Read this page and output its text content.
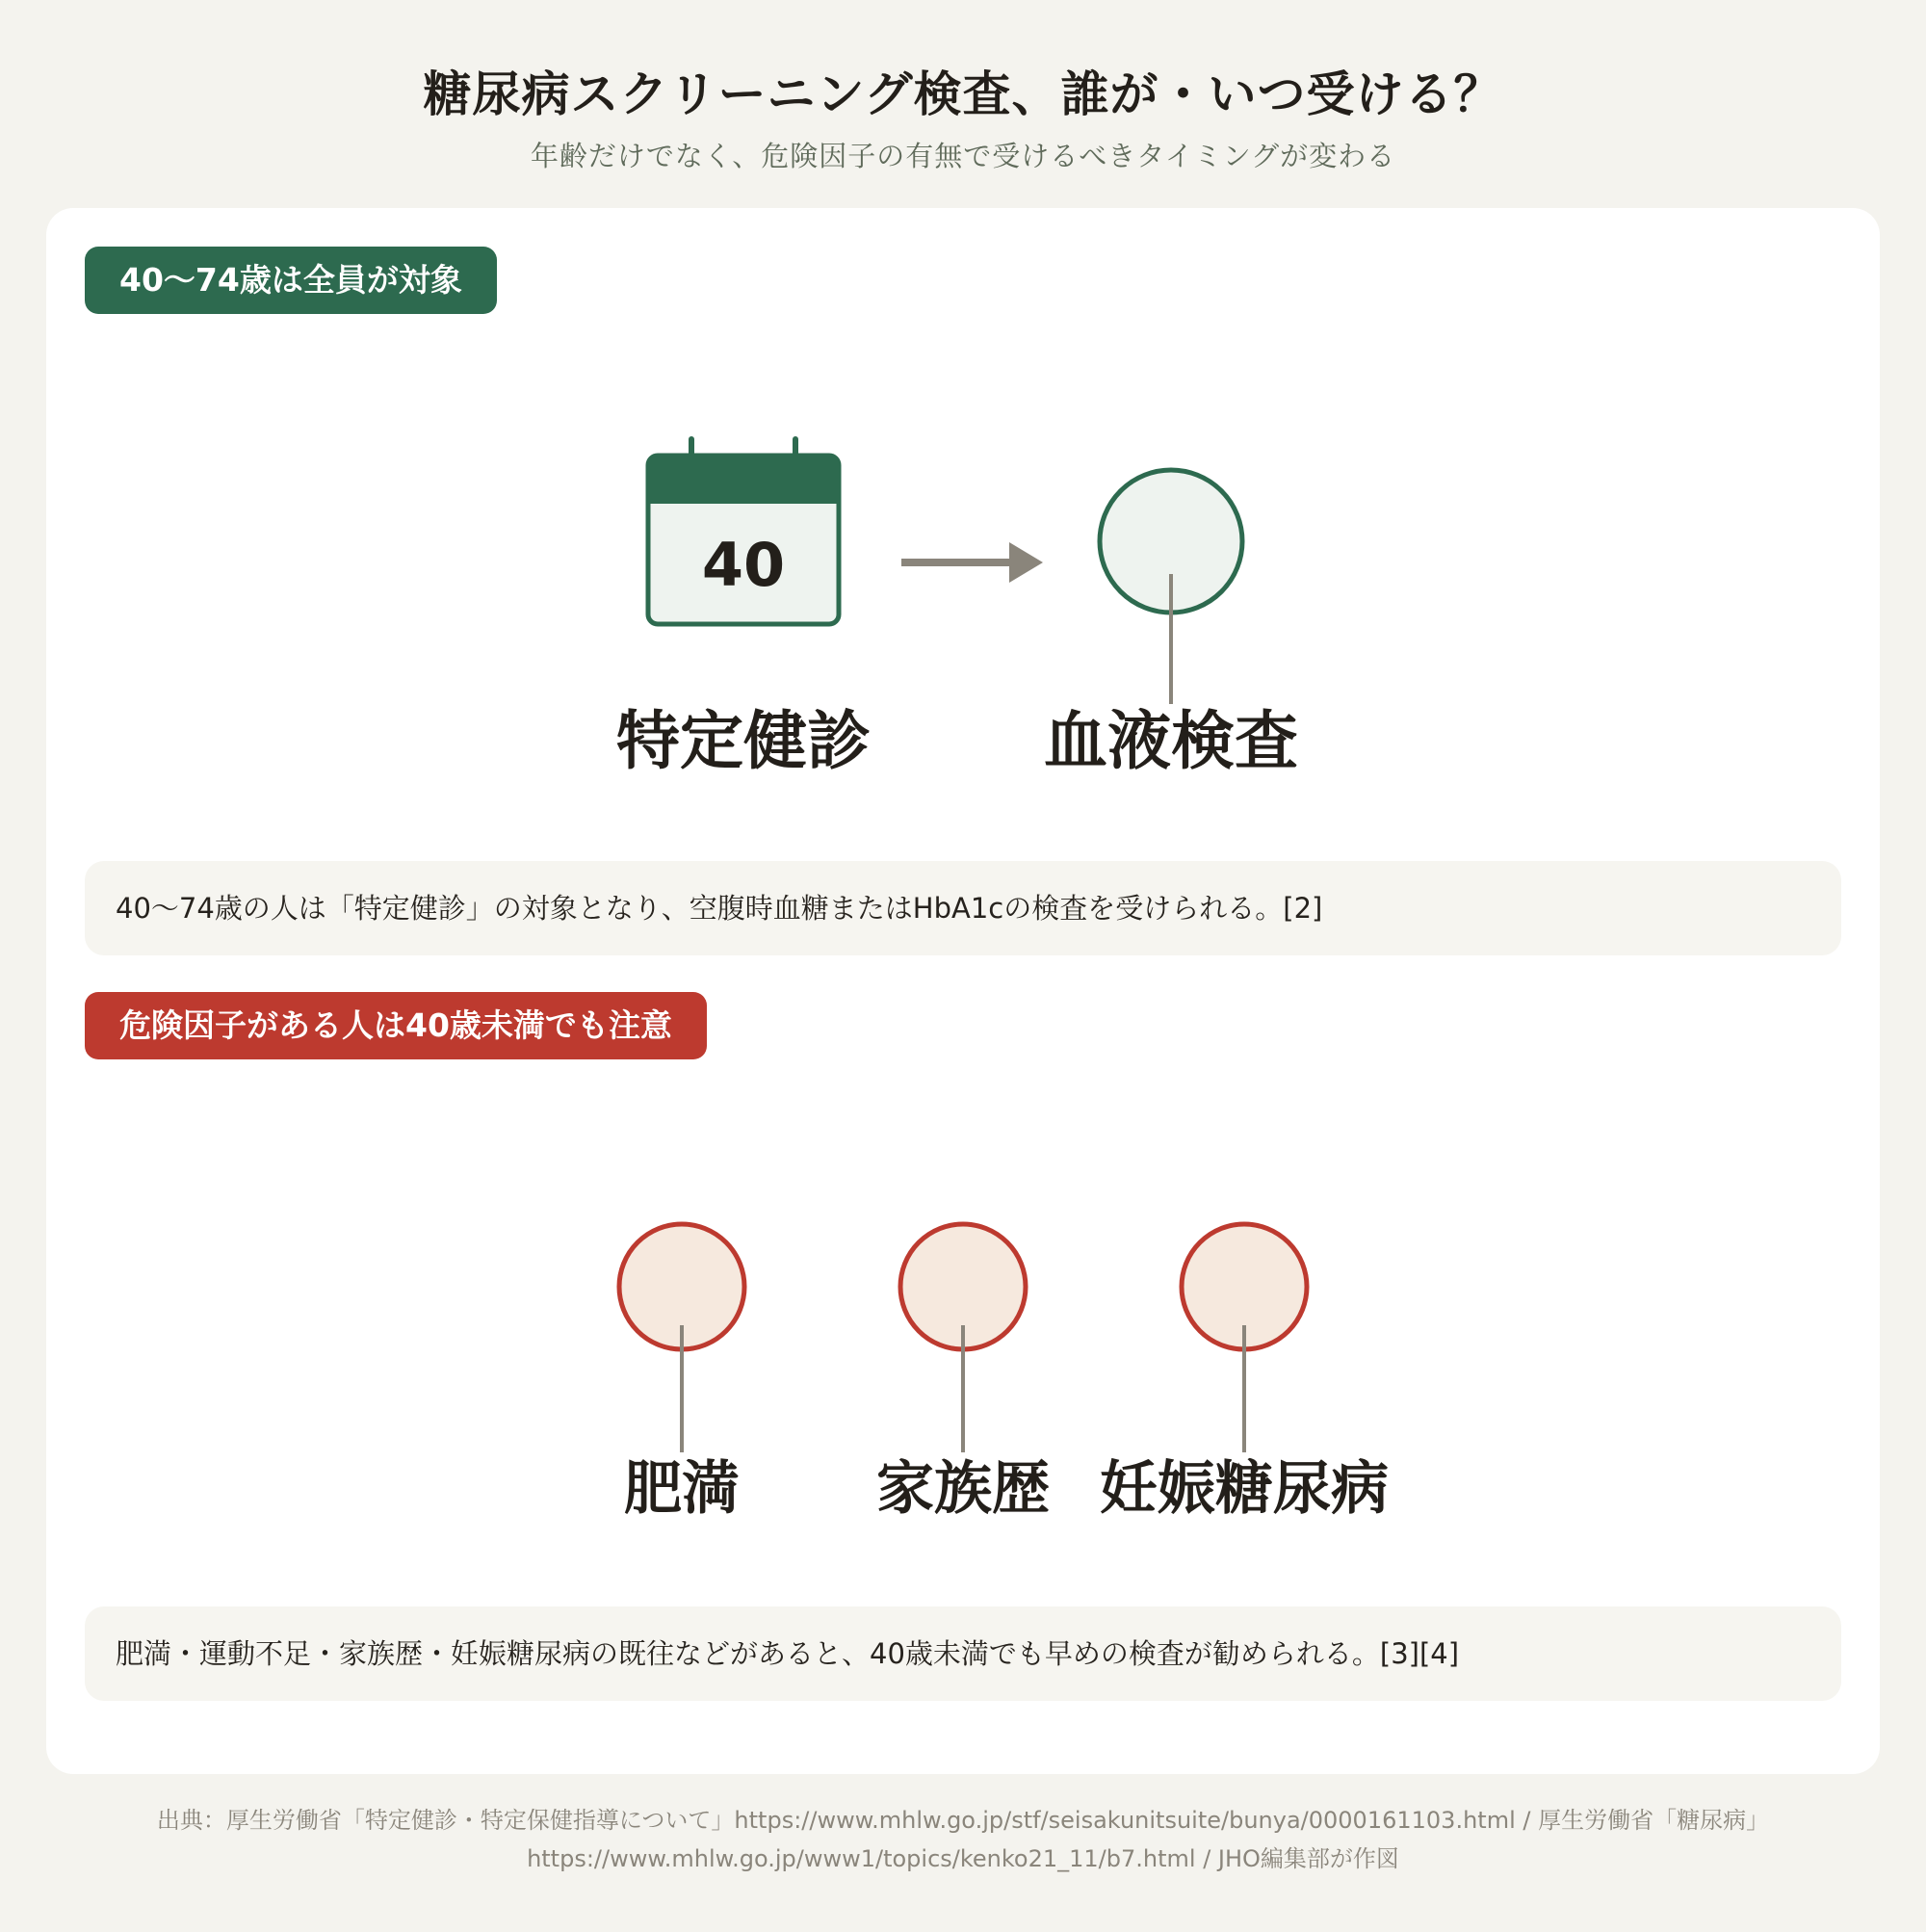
糖尿病スクリーニング検査、誰が・いつ受ける？
年齢だけでなく、危険因子の有無で受けるべきタイミングが変わる
40〜74歳は全員が対象
40
特定健診	血液検査
40〜74歳の人は「特定健診」の対象となり、空腹時血糖またはHbA1cの検査を受けられる。[2]
危険因子がある人は40歳未満でも注意
肥満	家族歴 妊娠糖尿病
肥満・運動不足・家族歴・妊娠糖尿病の既往などがあると、40歳未満でも早めの検査が勧められる。[3][4]
出典：厚生労働省「特定健診・特定保健指導について」https://www.mhlw.go.jp/stf/seisakunitsuite/bunya/0000161103.html / 厚生労働省「糖尿病」
https://www.mhlw.go.jp/www1/topics/kenko21_11/b7.html / JHO編集部が作図
